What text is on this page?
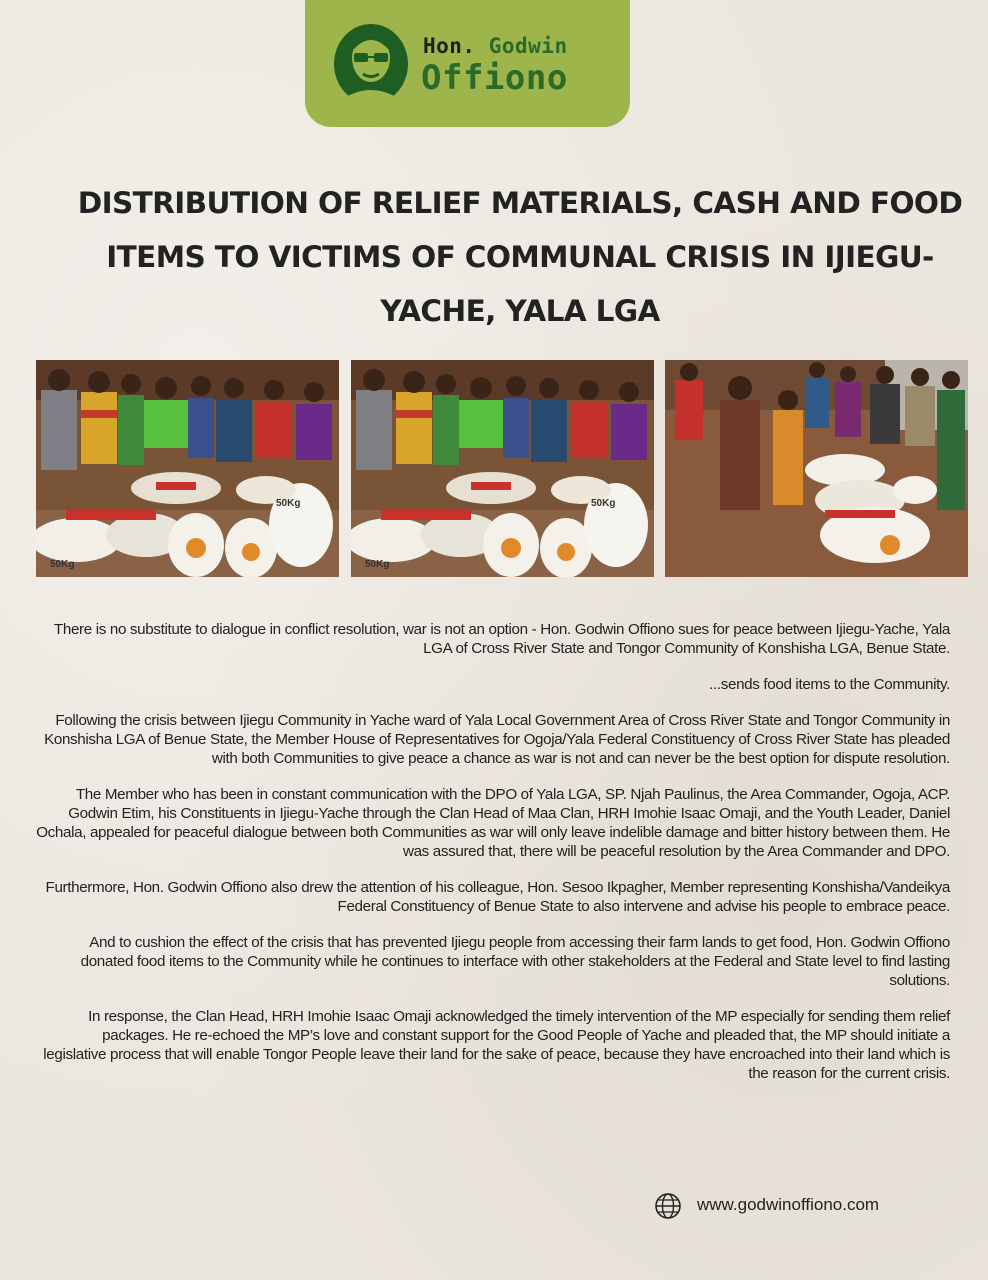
Hon. Godwin
Offiono
DISTRIBUTION OF RELIEF MATERIALS, CASH AND FOOD ITEMS TO VICTIMS OF COMMUNAL CRISIS IN IJIEGU-YACHE, YALA LGA
50Kg
50Kg
50Kg
50Kg

There is no substitute to dialogue in conflict resolution, war is not an option - Hon. Godwin Offiono sues for peace between Ijiegu-Yache, Yala LGA of Cross River State and Tongor Community of Konshisha LGA, Benue State.

...sends food items to the Community.

Following the crisis between Ijiegu Community in Yache ward of Yala Local Government Area of Cross River State and Tongor Community in Konshisha LGA of Benue State, the Member House of Representatives for Ogoja/Yala Federal Constituency of Cross River State has pleaded with both Communities to give peace a chance as war is not and can never be the best option for dispute resolution.

The Member who has been in constant communication with the DPO of Yala LGA, SP. Njah Paulinus, the Area Commander, Ogoja, ACP. Godwin Etim, his Constituents in Ijiegu-Yache through the Clan Head of Maa Clan, HRH Imohie Isaac Omaji, and the Youth Leader, Daniel Ochala, appealed for peaceful dialogue between both Communities as war will only leave indelible damage and bitter history between them. He was assured that, there will be peaceful resolution by the Area Commander and DPO.

Furthermore, Hon. Godwin Offiono also drew the attention of his colleague, Hon. Sesoo Ikpagher, Member representing Konshisha/Vandeikya Federal Constituency of Benue State to also intervene and advise his people to embrace peace.

And to cushion the effect of the crisis that has prevented Ijiegu people from accessing their farm lands to get food, Hon. Godwin Offiono donated food items to the Community while he continues to interface with other stakeholders at the Federal and State level to find lasting solutions.

In response, the Clan Head, HRH Imohie Isaac Omaji acknowledged the timely intervention of the MP especially for sending them relief packages. He re-echoed the MP’s love and constant support for the Good People of Yache and pleaded that, the MP should initiate a legislative process that will enable Tongor People leave their land for the sake of peace, because they have encroached into their land which is the reason for the current crisis.

www.godwinoffiono.com
